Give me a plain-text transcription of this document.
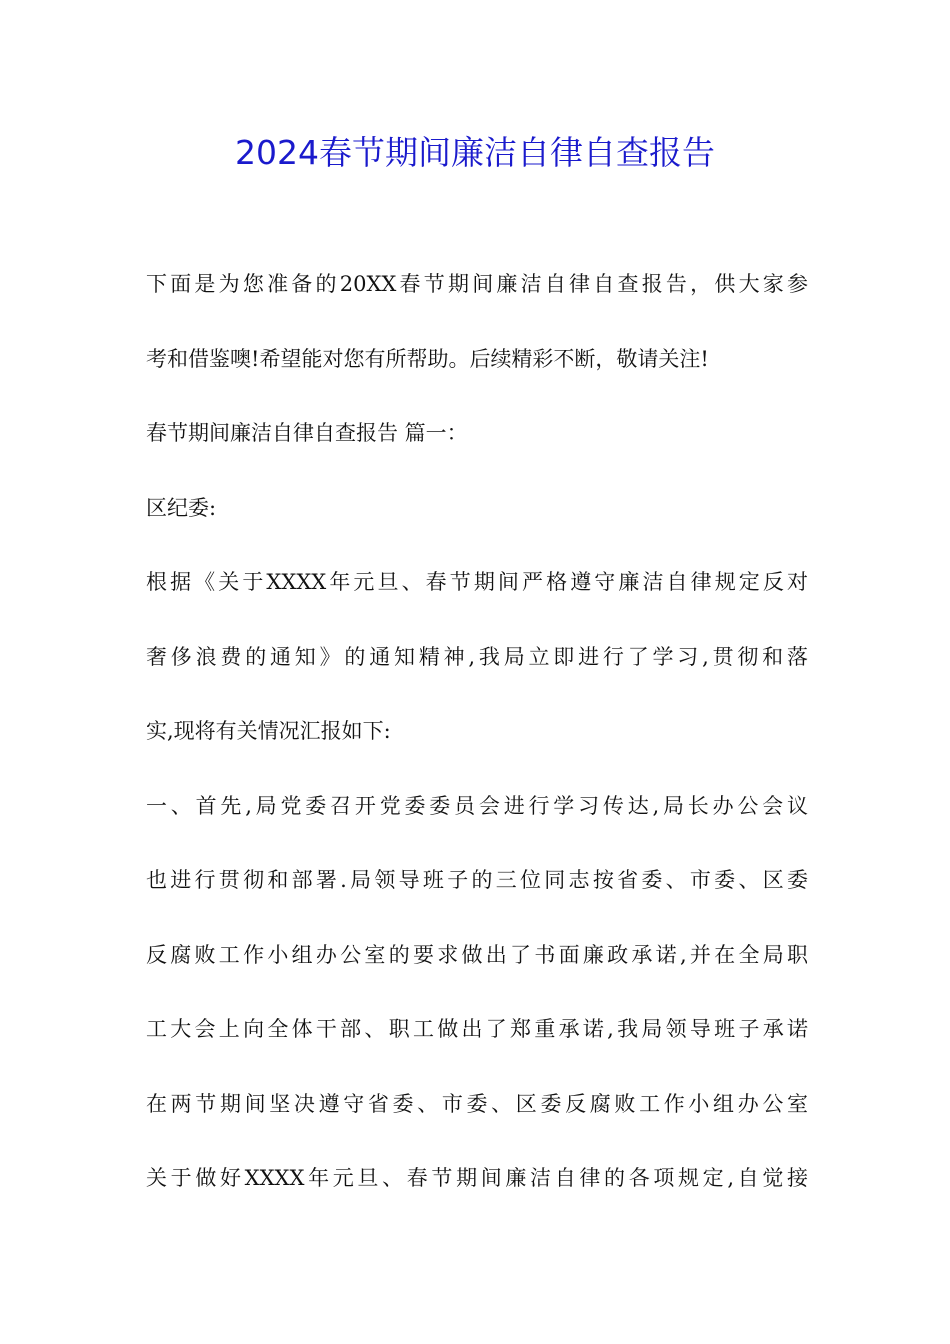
2024春节期间廉洁自律自查报告
下面是为您准备的20XX春节期间廉洁自律自查报告，供大家参
考和借鉴噢!希望能对您有所帮助。后续精彩不断，敬请关注!
春节期间廉洁自律自查报告 篇一：
区纪委:
根据《关于XXXX年元旦、春节期间严格遵守廉洁自律规定反对
奢侈浪费的通知》的通知精神,我局立即进行了学习,贯彻和落
实,现将有关情况汇报如下:
一、首先,局党委召开党委委员会进行学习传达,局长办公会议
也进行贯彻和部署.局领导班子的三位同志按省委、市委、区委
反腐败工作小组办公室的要求做出了书面廉政承诺,并在全局职
工大会上向全体干部、职工做出了郑重承诺,我局领导班子承诺
在两节期间坚决遵守省委、市委、区委反腐败工作小组办公室
关于做好XXXX年元旦、春节期间廉洁自律的各项规定,自觉接
